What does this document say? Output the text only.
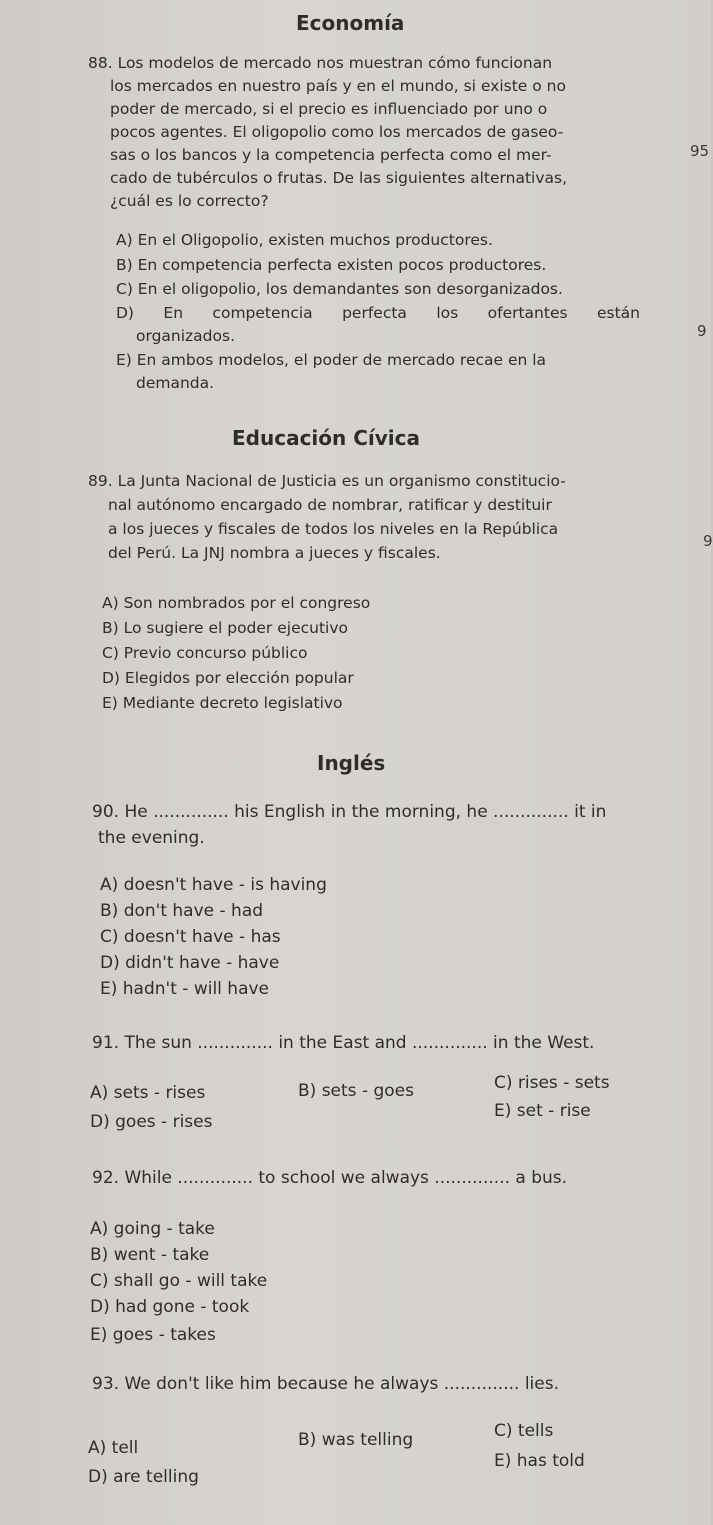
Economía
88. Los modelos de mercado nos muestran cómo funcionan
los mercados en nuestro país y en el mundo, si existe o no
poder de mercado, si el precio es influenciado por uno o
pocos agentes. El oligopolio como los mercados de gaseo-
sas o los bancos y la competencia perfecta como el mer-
cado de tubérculos o frutas. De las siguientes alternativas,
¿cuál es lo correcto?
A) En el Oligopolio, existen muchos productores.
B) En competencia perfecta existen pocos productores.
C) En el oligopolio, los demandantes son desorganizados.
D) En competencia perfecta los ofertantes están
organizados.
E) En ambos modelos, el poder de mercado recae en la
demanda.
95
9
Educación Cívica
89. La Junta Nacional de Justicia es un organismo constitucio-
nal autónomo encargado de nombrar, ratificar y destituir
a los jueces y fiscales de todos los niveles en la República
del Perú. La JNJ nombra a jueces y fiscales.
A) Son nombrados por el congreso
B) Lo sugiere el poder ejecutivo
C) Previo concurso público
D) Elegidos por elección popular
E) Mediante decreto legislativo
9
Inglés
90. He .............. his English in the morning, he .............. it in
the evening.
A) doesn't have - is having
B) don't have - had
C) doesn't have - has
D) didn't have - have
E) hadn't - will have
91. The sun .............. in the East and .............. in the West.
A) sets - rises	B) sets - goes	C) rises - sets
D) goes - rises
E) set - rise
92. While .............. to school we always .............. a bus.
A) going - take
B) went - take
C) shall go - will take
D) had gone - took
E) goes - takes
93. We don't like him because he always .............. lies.
A) tell	B) was telling	C) tells
D) are telling
E) has told
